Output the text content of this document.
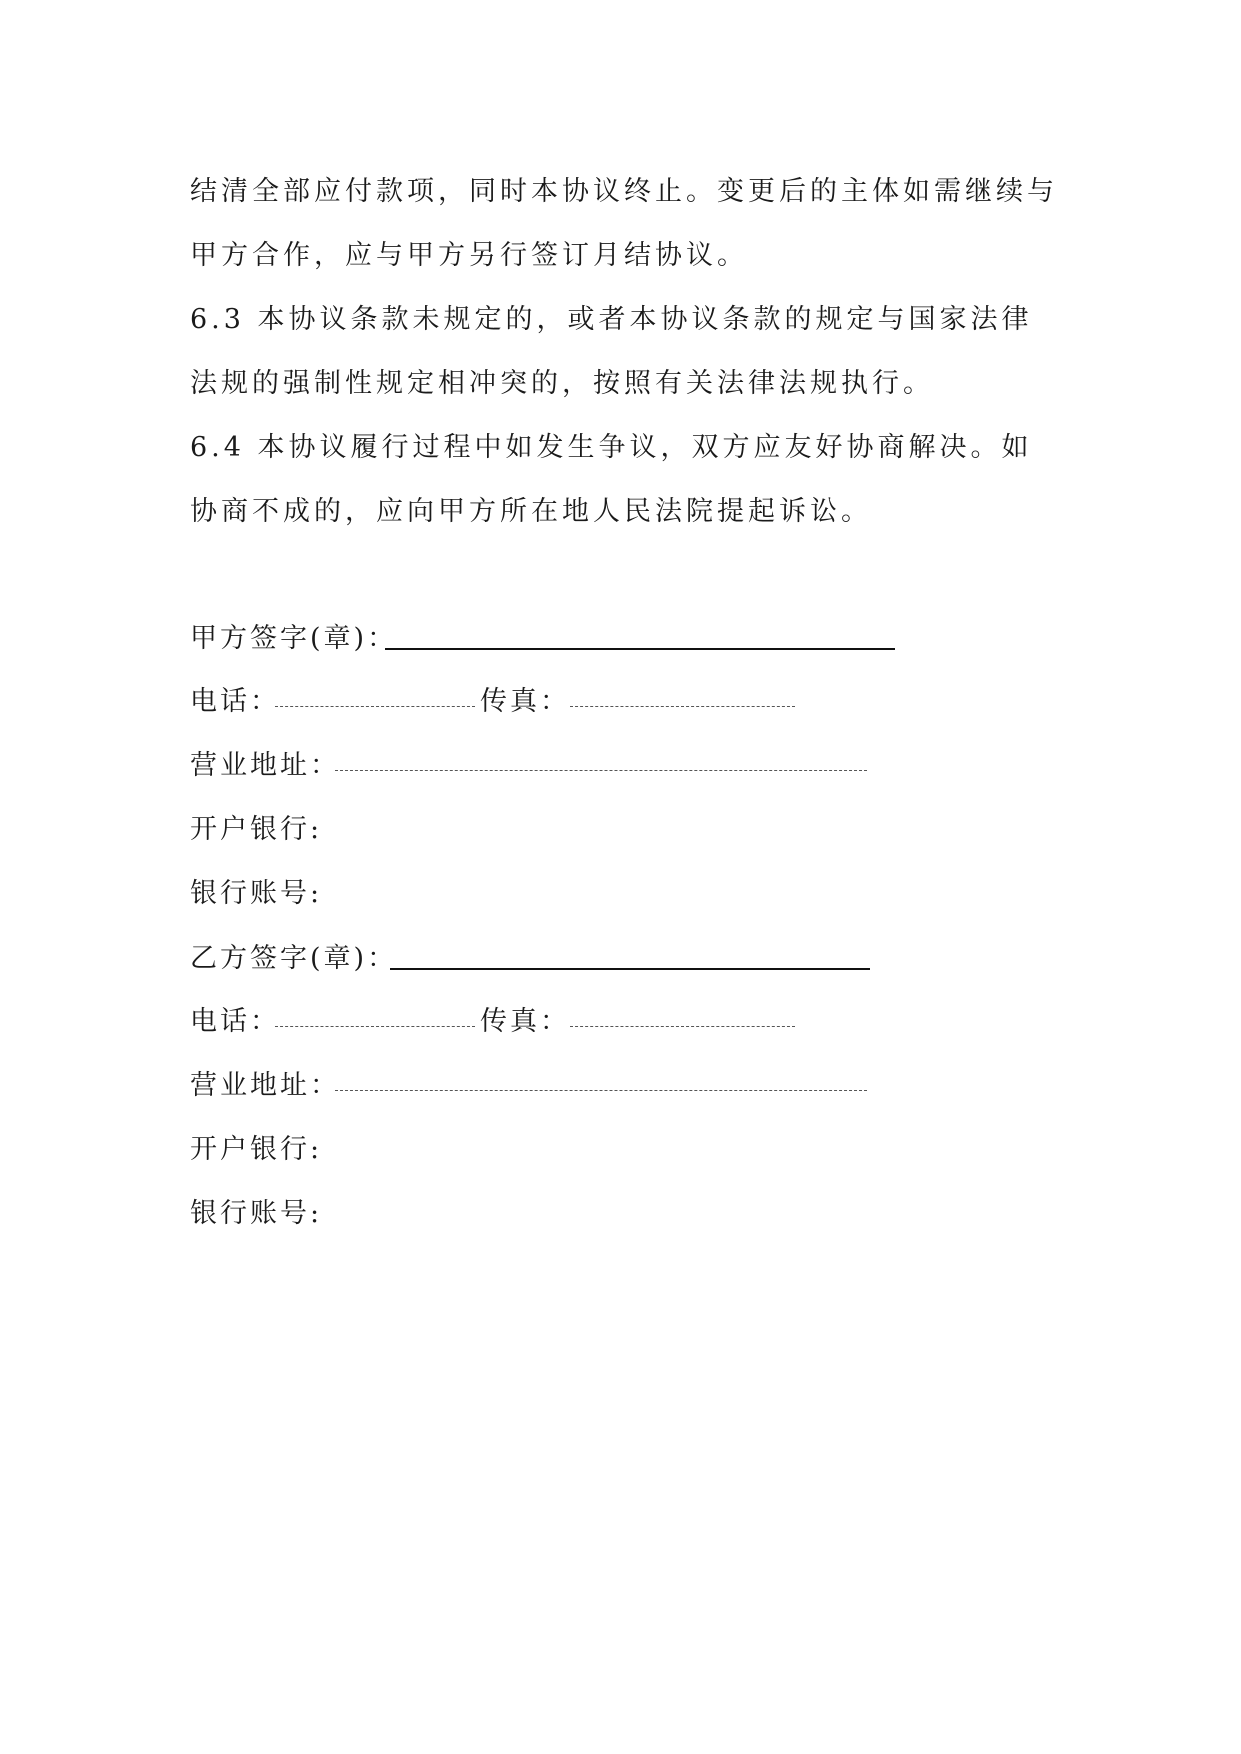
结清全部应付款项，同时本协议终止。变更后的主体如需继续与甲方合作，应与甲方另行签订月结协议。

6.3 本协议条款未规定的，或者本协议条款的规定与国家法律法规的强制性规定相冲突的，按照有关法律法规执行。

6.4 本协议履行过程中如发生争议，双方应友好协商解决。如协商不成的，应向甲方所在地人民法院提起诉讼。

甲方签字(章)：
电话：	传真：
营业地址：
开户银行:
银行账号:
乙方签字(章)：
电话：	传真：
营业地址：
开户银行:
银行账号:
